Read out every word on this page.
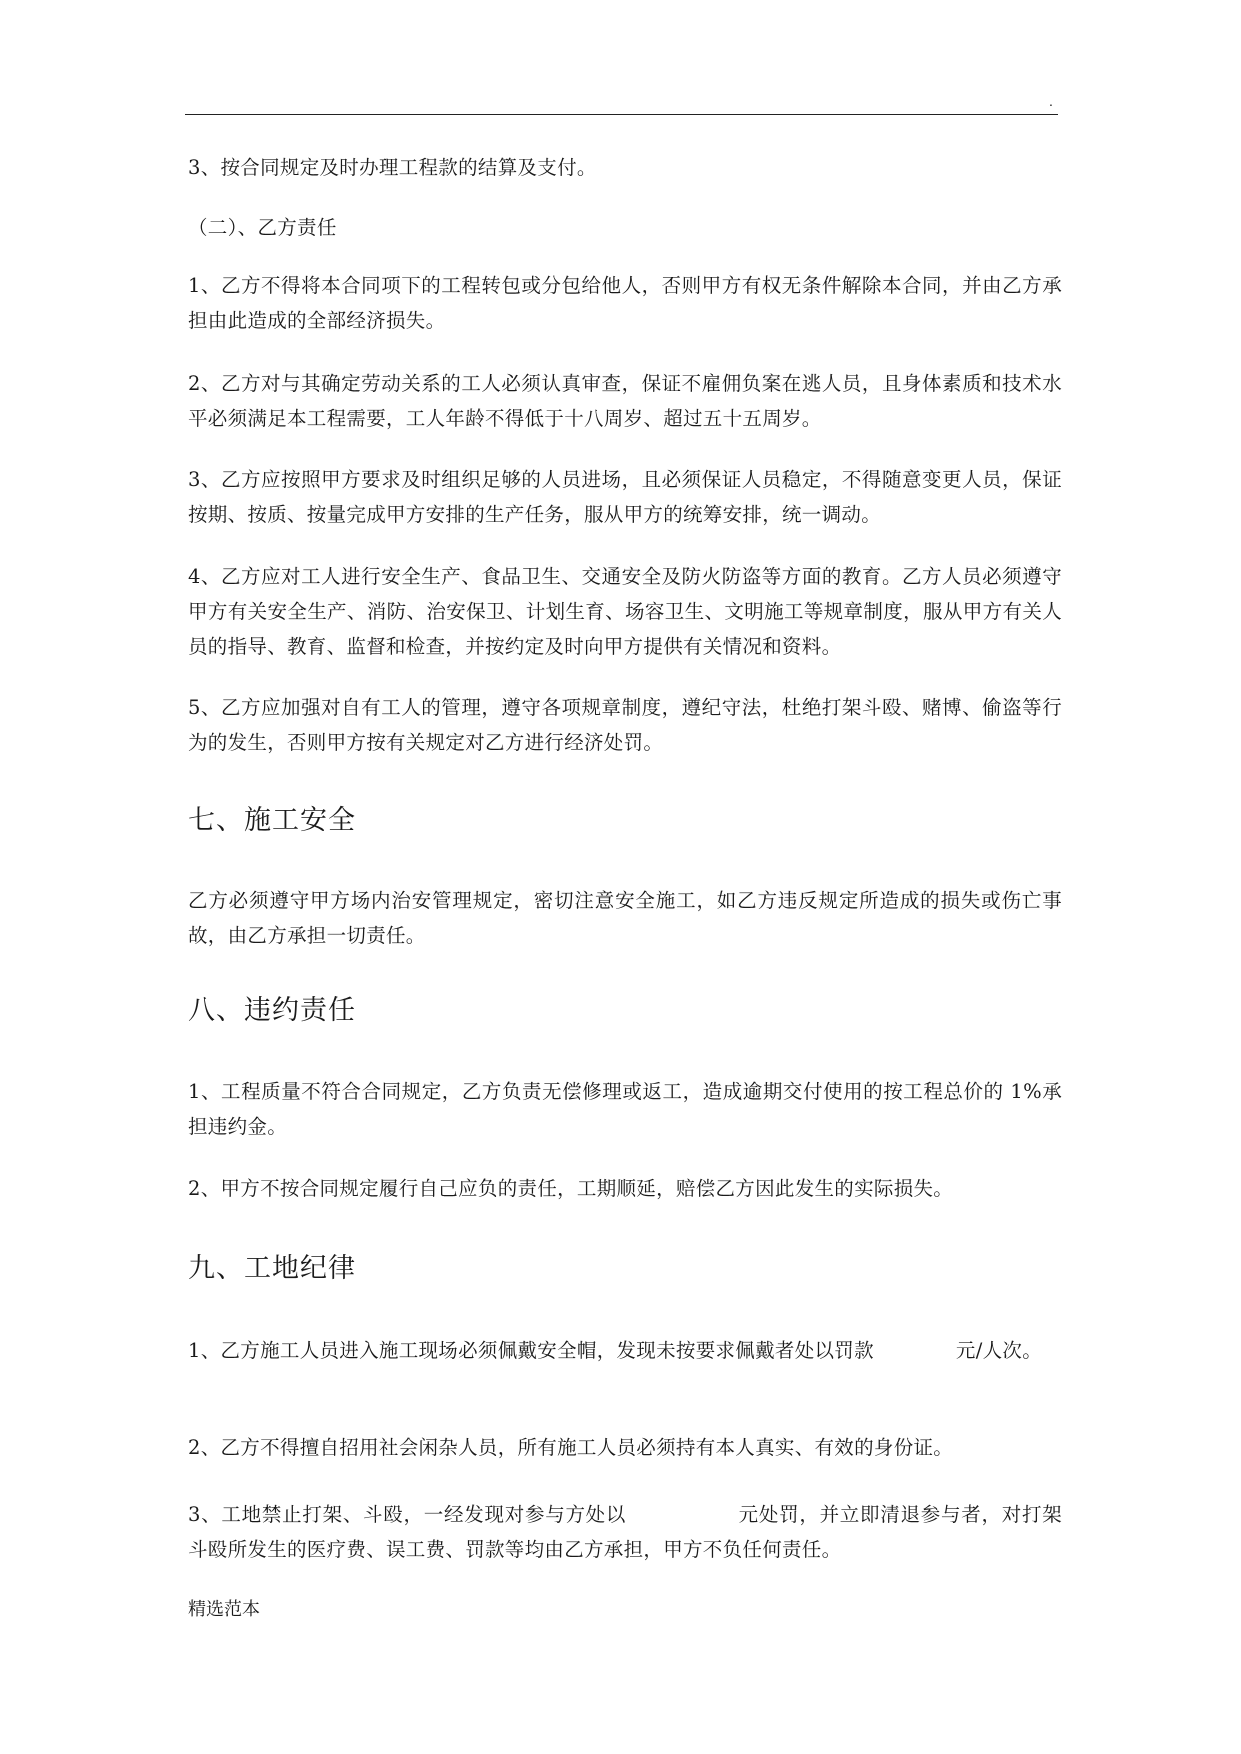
.

3、按合同规定及时办理工程款的结算及支付。

（二）、乙方责任

1、乙方不得将本合同项下的工程转包或分包给他人，否则甲方有权无条件解除本合同，并由乙方承担由此造成的全部经济损失。

2、乙方对与其确定劳动关系的工人必须认真审查，保证不雇佣负案在逃人员，且身体素质和技术水平必须满足本工程需要，工人年龄不得低于十八周岁、超过五十五周岁。

3、乙方应按照甲方要求及时组织足够的人员进场，且必须保证人员稳定，不得随意变更人员，保证按期、按质、按量完成甲方安排的生产任务，服从甲方的统筹安排，统一调动。

4、乙方应对工人进行安全生产、食品卫生、交通安全及防火防盗等方面的教育。乙方人员必须遵守甲方有关安全生产、消防、治安保卫、计划生育、场容卫生、文明施工等规章制度，服从甲方有关人员的指导、教育、监督和检查，并按约定及时向甲方提供有关情况和资料。

5、乙方应加强对自有工人的管理，遵守各项规章制度，遵纪守法，杜绝打架斗殴、赌博、偷盗等行为的发生，否则甲方按有关规定对乙方进行经济处罚。

七、施工安全

乙方必须遵守甲方场内治安管理规定，密切注意安全施工，如乙方违反规定所造成的损失或伤亡事故，由乙方承担一切责任。

八、违约责任

1、工程质量不符合合同规定，乙方负责无偿修理或返工，造成逾期交付使用的按工程总价的 1%承担违约金。

2、甲方不按合同规定履行自己应负的责任，工期顺延，赔偿乙方因此发生的实际损失。

九、工地纪律

1、乙方施工人员进入施工现场必须佩戴安全帽，发现未按要求佩戴者处以罚款	元/人次。

2、乙方不得擅自招用社会闲杂人员，所有施工人员必须持有本人真实、有效的身份证。

3、工地禁止打架、斗殴，一经发现对参与方处以	元处罚，并立即清退参与者，对打架斗殴所发生的医疗费、误工费、罚款等均由乙方承担，甲方不负任何责任。

精选范本
